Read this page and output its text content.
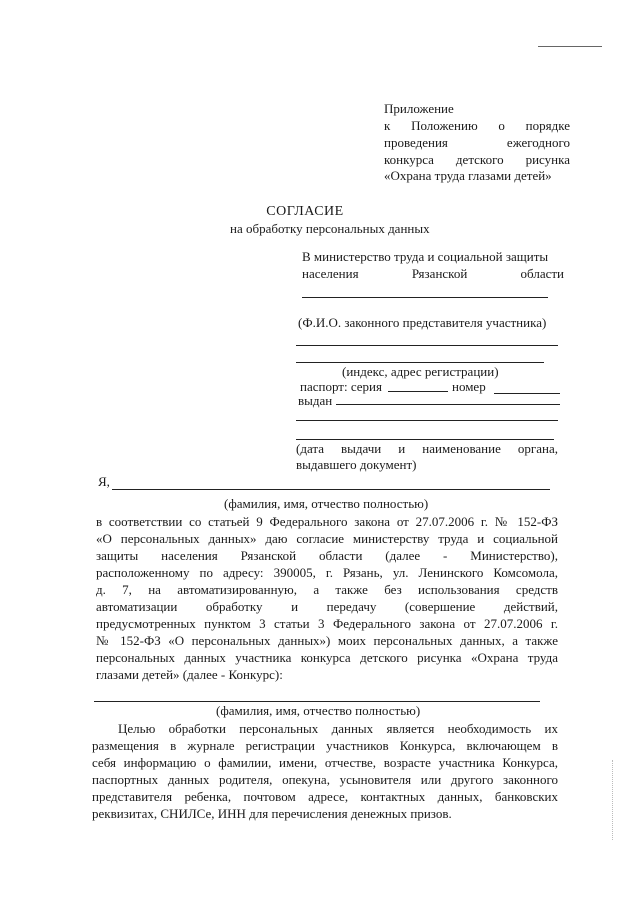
Приложение
к Положению о порядке
проведения ежегодного
конкурса детского рисунка
«Охрана труда глазами детей»
СОГЛАСИЕ
на обработку персональных данных
В министерство труда и социальной защиты
населения Рязанской области
(Ф.И.О. законного представителя участника)
(индекс, адрес регистрации)
паспорт: серия	номер
выдан
(дата выдачи и наименование органа,
выдавшего документ)
Я,
(фамилия, имя, отчество полностью)
в соответствии со статьей 9 Федерального закона от 27.07.2006 г. № 152-ФЗ
«О персональных данных» даю согласие министерству труда и социальной
защиты населения Рязанской области (далее - Министерство),
расположенному по адресу: 390005, г. Рязань, ул. Ленинского Комсомола,
д. 7, на автоматизированную, а также без использования средств
автоматизации обработку и передачу (совершение действий,
предусмотренных пунктом 3 статьи 3 Федерального закона от 27.07.2006 г.
№ 152-ФЗ «О персональных данных») моих персональных данных, а также
персональных данных участника конкурса детского рисунка «Охрана труда
глазами детей» (далее - Конкурс):
(фамилия, имя, отчество полностью)
Целью обработки персональных данных является необходимость их
размещения в журнале регистрации участников Конкурса, включающем в
себя информацию о фамилии, имени, отчестве, возрасте участника Конкурса,
паспортных данных родителя, опекуна, усыновителя или другого законного
представителя ребенка, почтовом адресе, контактных данных, банковских
реквизитах, СНИЛСе, ИНН для перечисления денежных призов.
